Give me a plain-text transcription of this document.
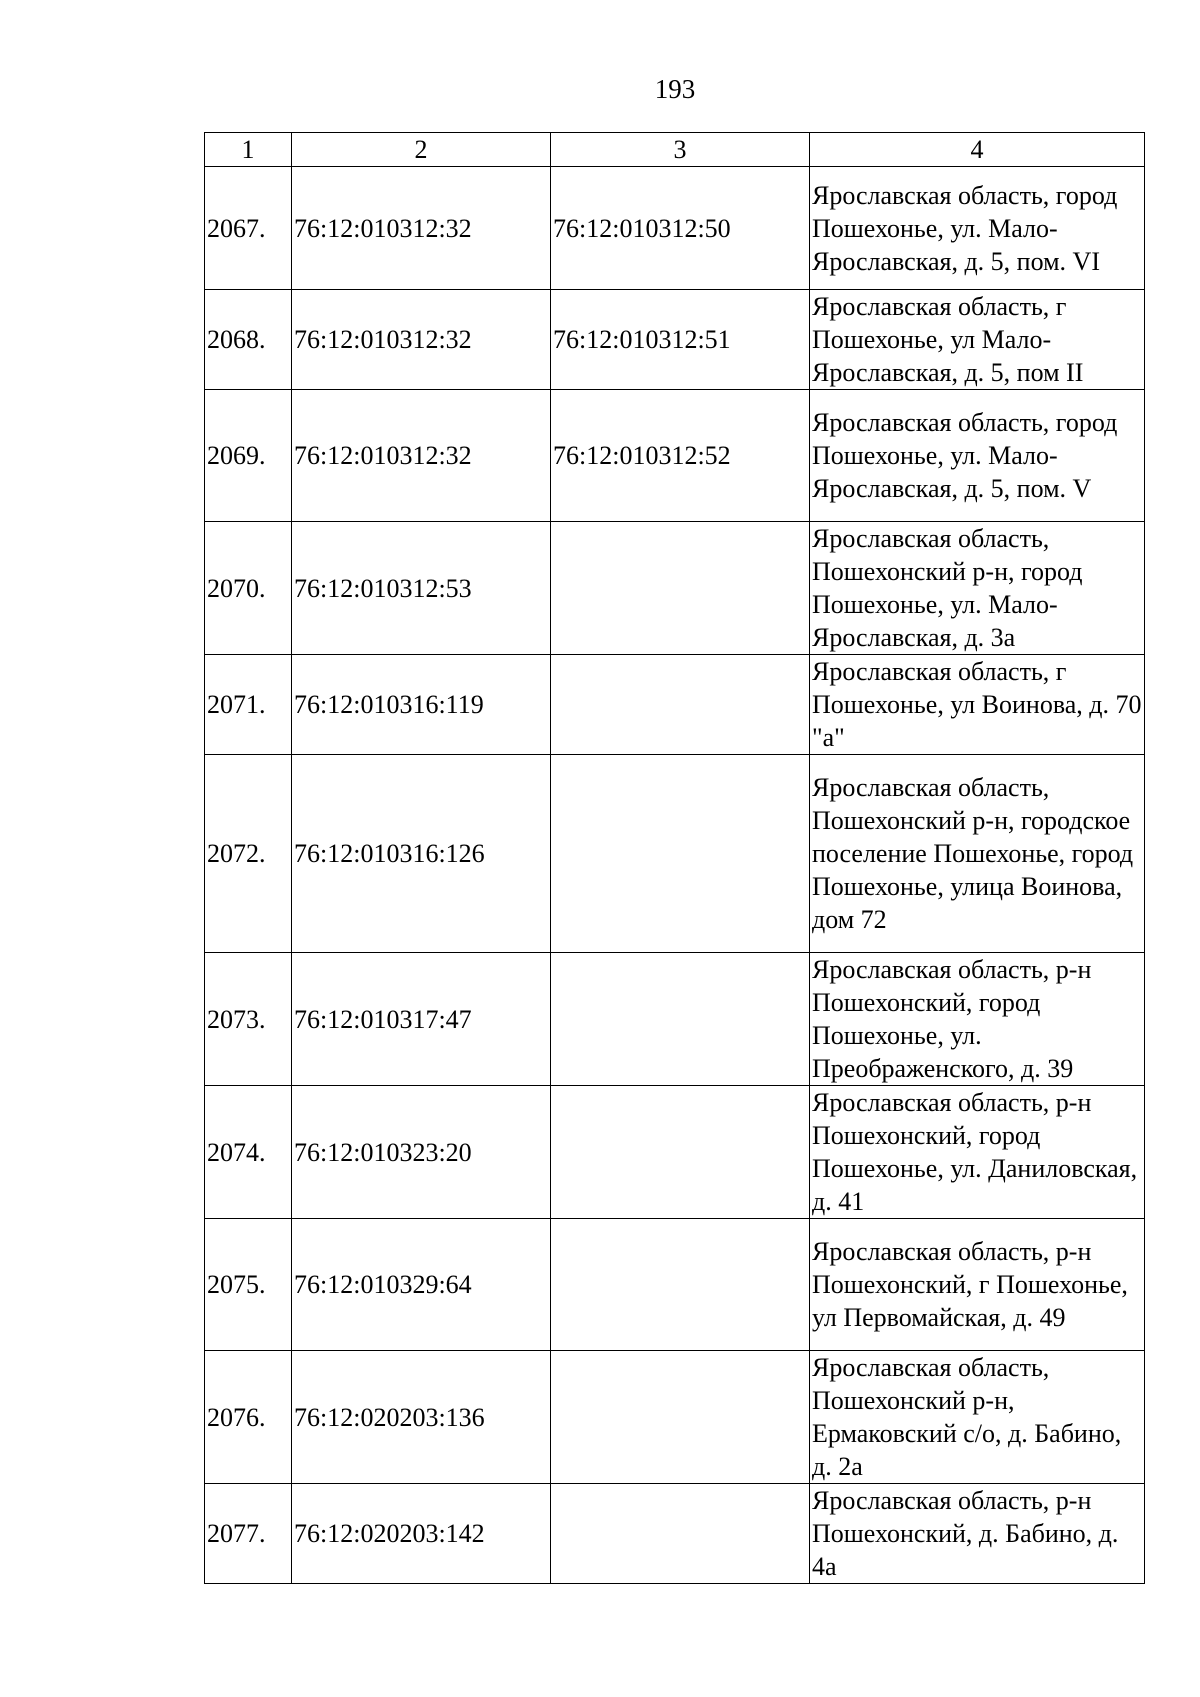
193
1	2	3	4
2067.	76:12:010312:32	76:12:010312:50	Ярославская область, город Пошехонье, ул. Мало-Ярославская, д. 5, пом. VI
2068.	76:12:010312:32	76:12:010312:51	Ярославская область, г Пошехонье, ул Мало-Ярославская, д. 5, пом II
2069.	76:12:010312:32	76:12:010312:52	Ярославская область, город Пошехонье, ул. Мало-Ярославская, д. 5, пом. V
2070.	76:12:010312:53		Ярославская область, Пошехонский р-н, город Пошехонье, ул. Мало-Ярославская, д. 3а
2071.	76:12:010316:119		Ярославская область, г Пошехонье, ул Воинова, д. 70 "а"
2072.	76:12:010316:126		Ярославская область, Пошехонский р-н, городское поселение Пошехонье, город Пошехонье, улица Воинова, дом 72
2073.	76:12:010317:47		Ярославская область, р-н Пошехонский, город Пошехонье, ул. Преображенского, д. 39
2074.	76:12:010323:20		Ярославская область, р-н Пошехонский, город Пошехонье, ул. Даниловская, д. 41
2075.	76:12:010329:64		Ярославская область, р-н Пошехонский, г Пошехонье, ул Первомайская, д. 49
2076.	76:12:020203:136		Ярославская область, Пошехонский р-н, Ермаковский с/о, д. Бабино, д. 2а
2077.	76:12:020203:142		Ярославская область, р-н Пошехонский, д. Бабино, д. 4а
